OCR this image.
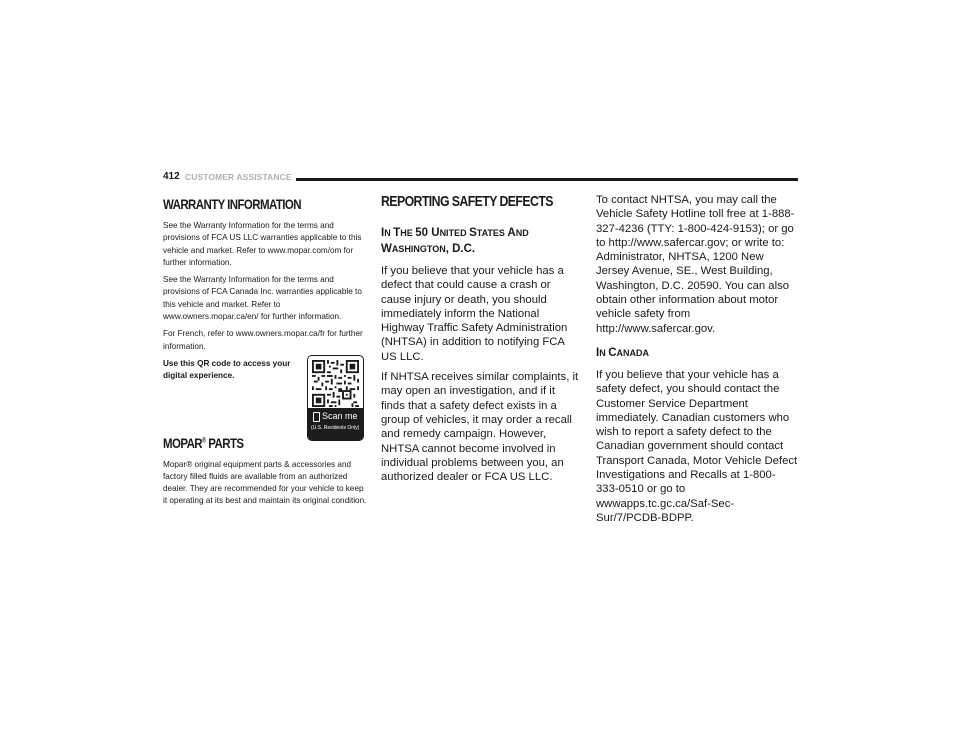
412 CUSTOMER ASSISTANCE
WARRANTY INFORMATION

See the Warranty Information for the terms and provisions of FCA US LLC warranties applicable to this vehicle and market. Refer to www.mopar.com/om for further information.

See the Warranty Information for the terms and provisions of FCA Canada Inc. warranties applicable to this vehicle and market. Refer to www.owners.mopar.ca/en/ for further information.

For French, refer to www.owners.mopar.ca/fr for further information.

Use this QR code to access your digital experience.

MOPAR® PARTS

Mopar® original equipment parts & accessories and factory filled fluids are available from an authorized dealer. They are recommended for your vehicle to keep it operating at its best and maintain its original condition.

Scan me
(U.S. Residents Only)
REPORTING SAFETY DEFECTS
IN THE 50 UNITED STATES AND
WASHINGTON, D.C.

If you believe that your vehicle has a defect that could cause a crash or cause injury or death, you should immediately inform the National Highway Traffic Safety Administration (NHTSA) in addition to notifying FCA US LLC.

If NHTSA receives similar complaints, it may open an investigation, and if it finds that a safety defect exists in a group of vehicles, it may order a recall and remedy campaign. However, NHTSA cannot become involved in individual problems between you, an authorized dealer or FCA US LLC.

To contact NHTSA, you may call the Vehicle Safety Hotline toll free at 1-888-327-4236 (TTY: 1-800-424-9153); or go to http://www.safercar.gov; or write to: Administrator, NHTSA, 1200 New Jersey Avenue, SE., West Building, Washington, D.C. 20590. You can also obtain other information about motor vehicle safety from http://www.safercar.gov.

IN CANADA

If you believe that your vehicle has a safety defect, you should contact the Customer Service Department immediately. Canadian customers who wish to report a safety defect to the Canadian government should contact Transport Canada, Motor Vehicle Defect Investigations and Recalls at 1-800-333-0510 or go to wwwapps.tc.gc.ca/Saf-Sec-Sur/7/PCDB-BDPP.
